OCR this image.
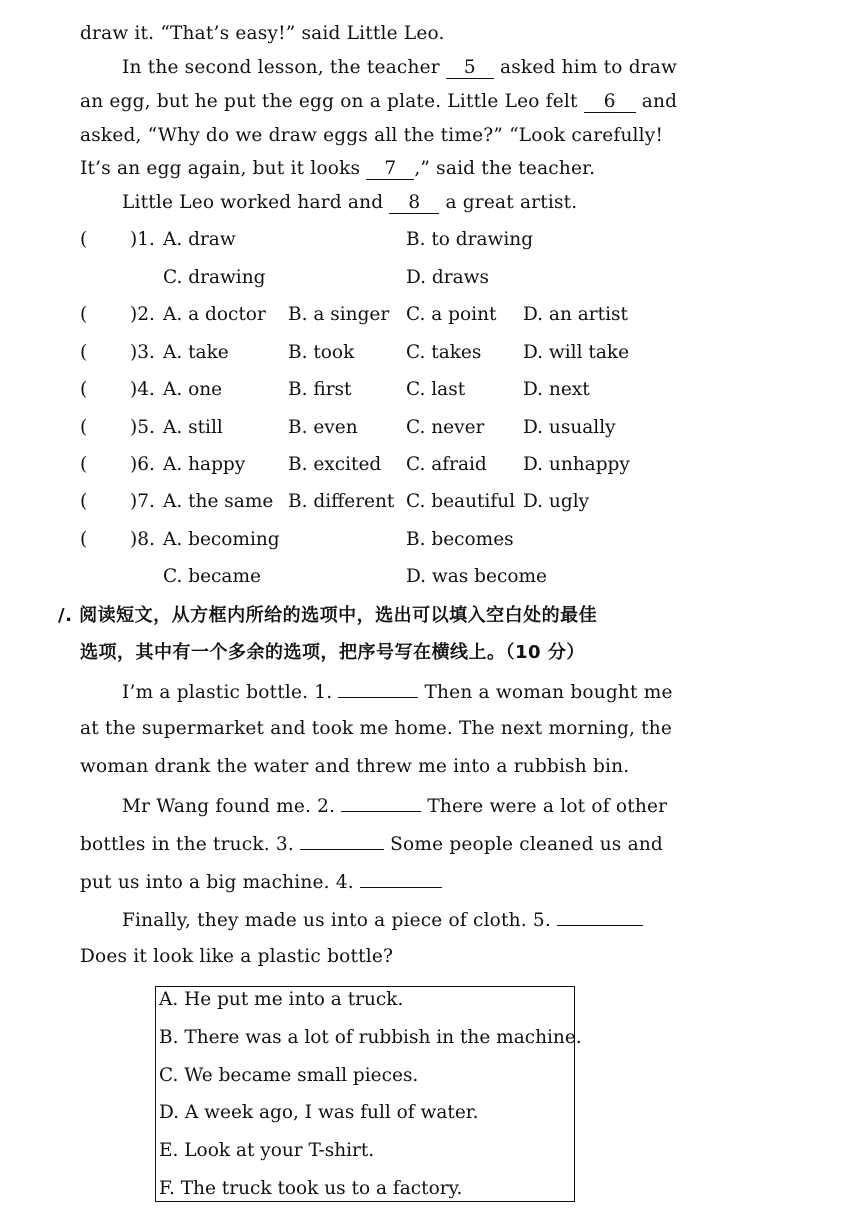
draw it. “That’s easy!” said Little Leo.
In the second lesson, the teacher 5 asked him to draw
an egg, but he put the egg on a plate. Little Leo felt 6 and
asked, “Why do we draw eggs all the time?” “Look carefully!
It’s an egg again, but it looks 7 ,” said the teacher.
Little Leo worked hard and 8 a great artist.
( )1. A. draw	B. to drawing
C. drawing	D. draws
( )2. A. a doctor B. a singer C. a point D. an artist
( )3. A. take	B. took	C. takes D. will take
( )4. A. one	B. first	C. last	D. next
( )5. A. still	B. even	C. never D. usually
( )6. A. happy B. excited C. afraid D. unhappy
( )7. A. the same B. different C. beautiful D. ugly
( )8. A. becoming	B. becomes
C. became	D. was become
/. 阅读短文，从方框内所给的选项中，选出可以填入空白处的最佳
选项，其中有一个多余的选项，把序号写在横线上。（10 分）
I’m a plastic bottle. 1.	Then a woman bought me
at the supermarket and took me home. The next morning, the
woman drank the water and threw me into a rubbish bin.
Mr Wang found me. 2.	There were a lot of other
bottles in the truck. 3.	Some people cleaned us and
put us into a big machine. 4.
Finally, they made us into a piece of cloth. 5.
Does it look like a plastic bottle?
A. He put me into a truck.
B. There was a lot of rubbish in the machine.
C. We became small pieces.
D. A week ago, I was full of water.
E. Look at your T-shirt.
F. The truck took us to a factory.
